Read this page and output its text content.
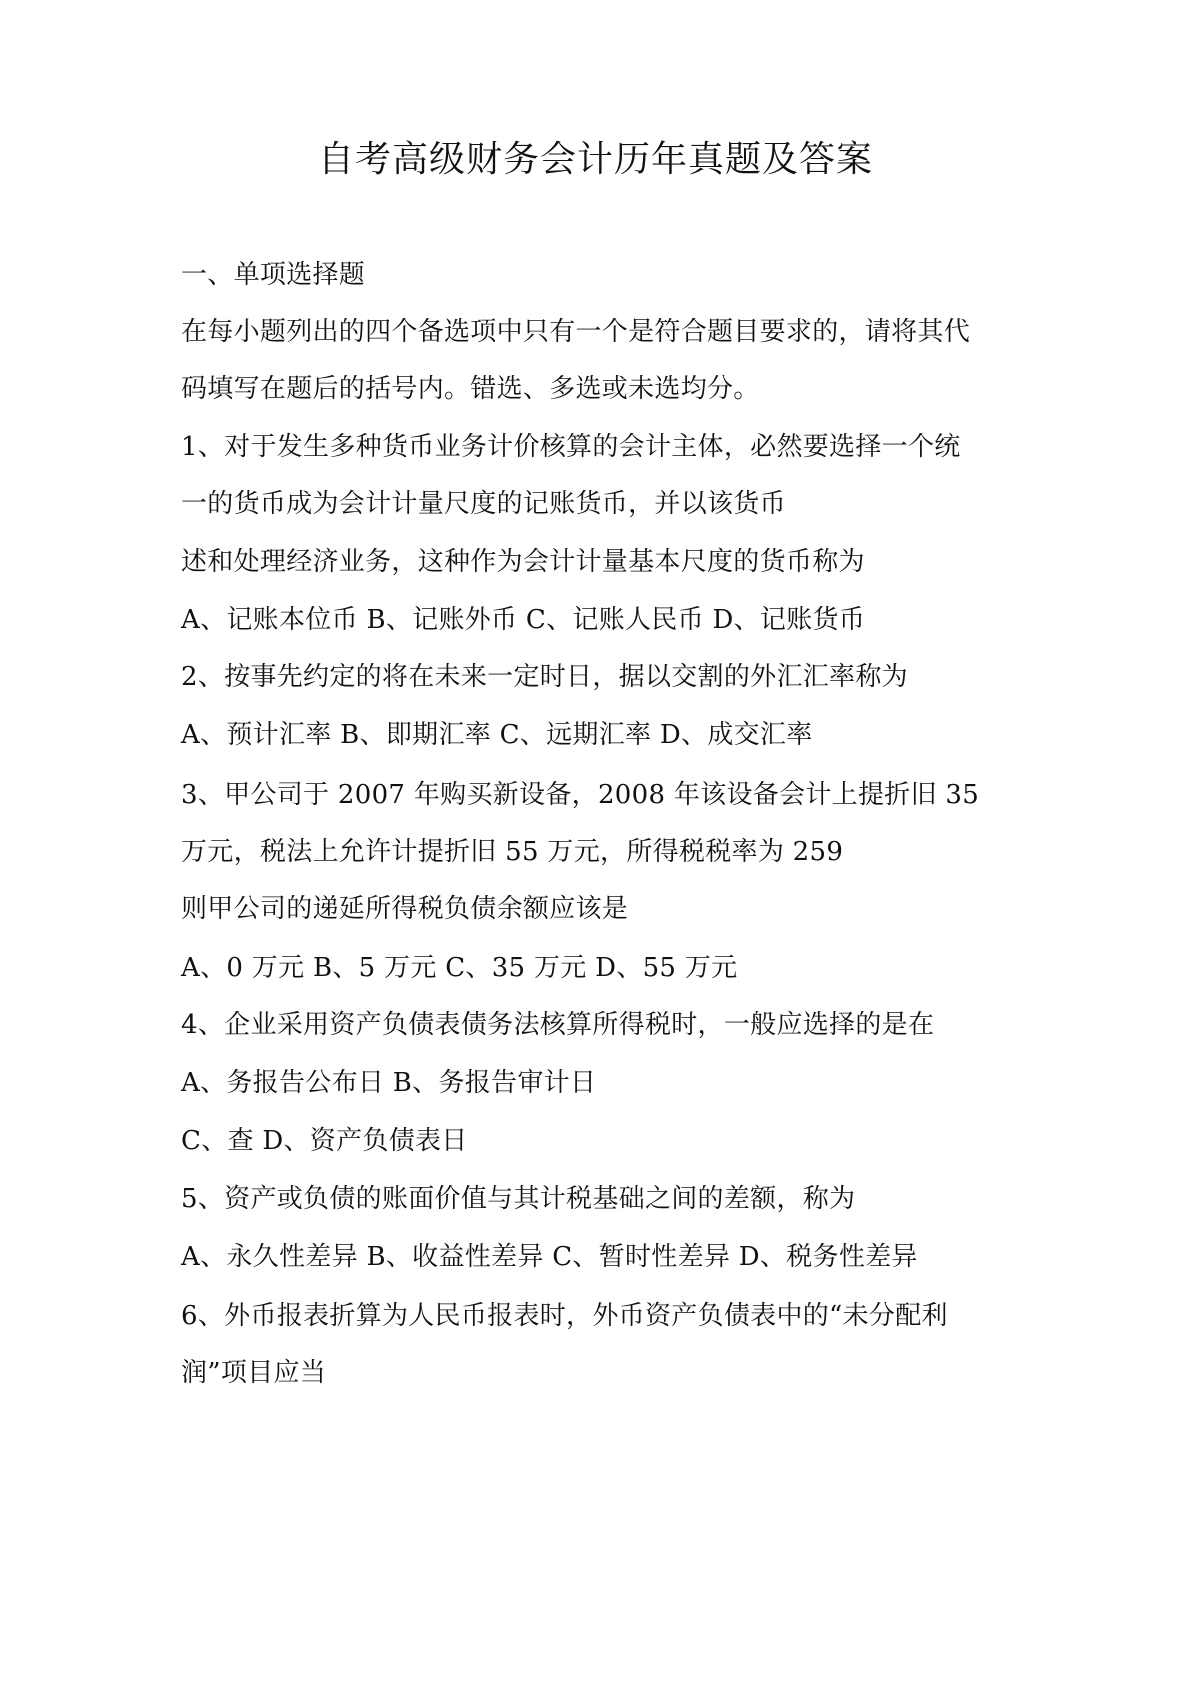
自考高级财务会计历年真题及答案

一、单项选择题

在每小题列出的四个备选项中只有一个是符合题目要求的，请将其代

码填写在题后的括号内。错选、多选或未选均分。

1、对于发生多种货币业务计价核算的会计主体，必然要选择一个统

一的货币成为会计计量尺度的记账货币，并以该货币

述和处理经济业务，这种作为会计计量基本尺度的货币称为

A、记账本位币 B、记账外币 C、记账人民币 D、记账货币

2、按事先约定的将在未来一定时日，据以交割的外汇汇率称为

A、预计汇率 B、即期汇率 C、远期汇率 D、成交汇率

3、甲公司于 2007 年购买新设备，2008 年该设备会计上提折旧 35

万元，税法上允许计提折旧 55 万元，所得税税率为 259

则甲公司的递延所得税负债余额应该是

A、0 万元 B、5 万元 C、35 万元 D、55 万元

4、企业采用资产负债表债务法核算所得税时，一般应选择的是在

A、务报告公布日 B、务报告审计日

C、查 D、资产负债表日

5、资产或负债的账面价值与其计税基础之间的差额，称为

A、永久性差异 B、收益性差异 C、暂时性差异 D、税务性差异

6、外币报表折算为人民币报表时，外币资产负债表中的“未分配利

润”项目应当
